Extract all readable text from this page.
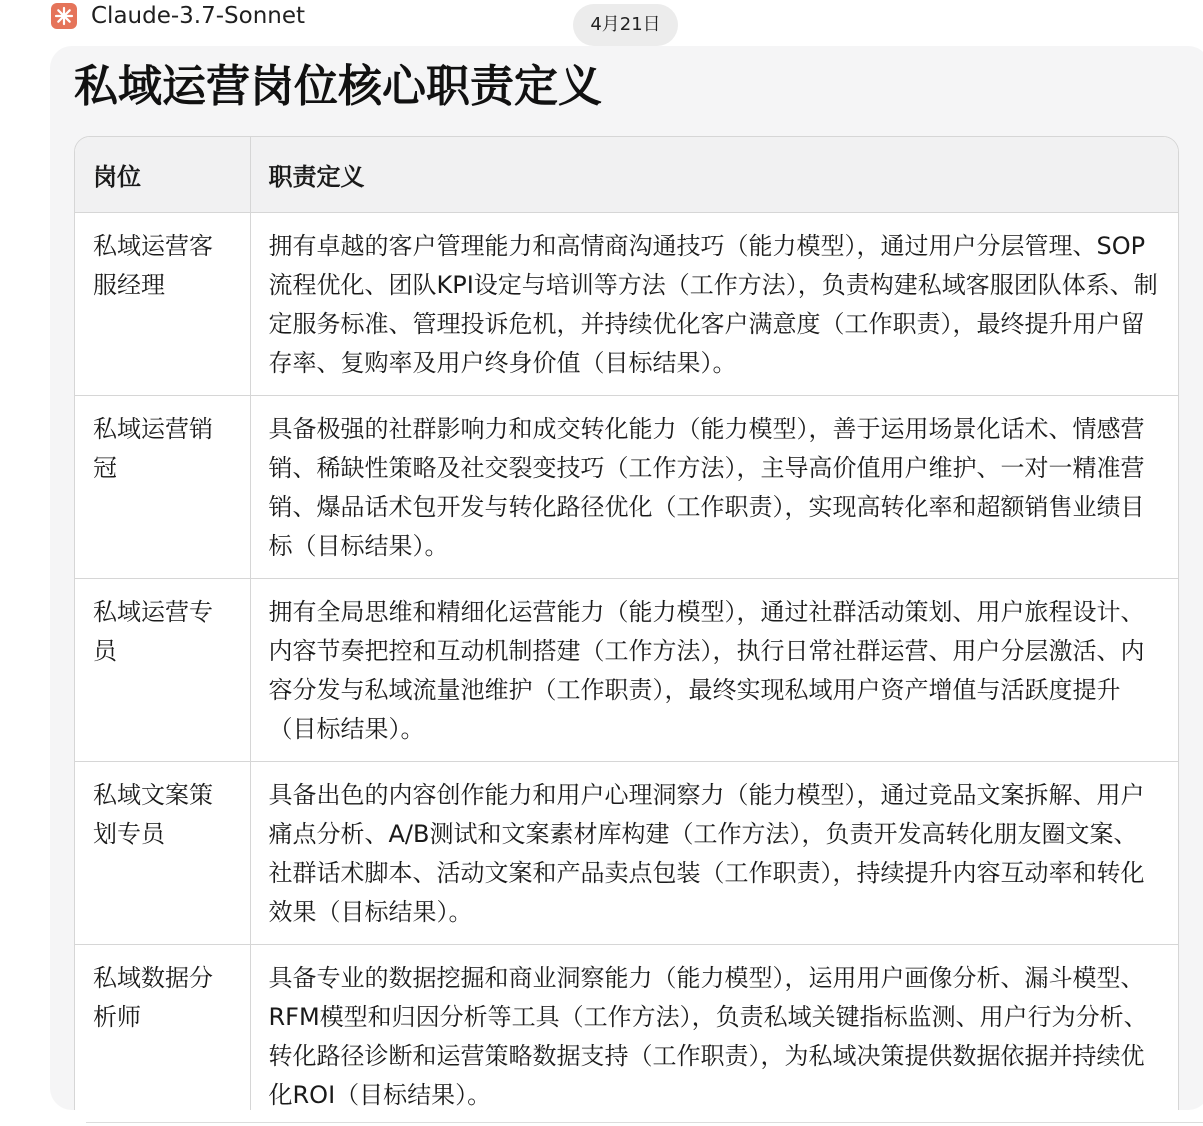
Claude-3.7-Sonnet	4月21日
私域运营岗位核心职责定义
岗位	职责定义
私域运营客服经理	拥有卓越的客户管理能力和高情商沟通技巧（能力模型），通过用户分层管理、SOP流程优化、团队KPI设定与培训等方法（工作方法），负责构建私域客服团队体系、制定服务标准、管理投诉危机，并持续优化客户满意度（工作职责），最终提升用户留存率、复购率及用户终身价值（目标结果）。
私域运营销冠	具备极强的社群影响力和成交转化能力（能力模型），善于运用场景化话术、情感营销、稀缺性策略及社交裂变技巧（工作方法），主导高价值用户维护、一对一精准营销、爆品话术包开发与转化路径优化（工作职责），实现高转化率和超额销售业绩目标（目标结果）。
私域运营专员	拥有全局思维和精细化运营能力（能力模型），通过社群活动策划、用户旅程设计、内容节奏把控和互动机制搭建（工作方法），执行日常社群运营、用户分层激活、内容分发与私域流量池维护（工作职责），最终实现私域用户资产增值与活跃度提升（目标结果）。
私域文案策划专员	具备出色的内容创作能力和用户心理洞察力（能力模型），通过竞品文案拆解、用户痛点分析、A/B测试和文案素材库构建（工作方法），负责开发高转化朋友圈文案、社群话术脚本、活动文案和产品卖点包装（工作职责），持续提升内容互动率和转化效果（目标结果）。
私域数据分析师	具备专业的数据挖掘和商业洞察能力（能力模型），运用用户画像分析、漏斗模型、RFM模型和归因分析等工具（工作方法），负责私域关键指标监测、用户行为分析、转化路径诊断和运营策略数据支持（工作职责），为私域决策提供数据依据并持续优化ROI（目标结果）。
